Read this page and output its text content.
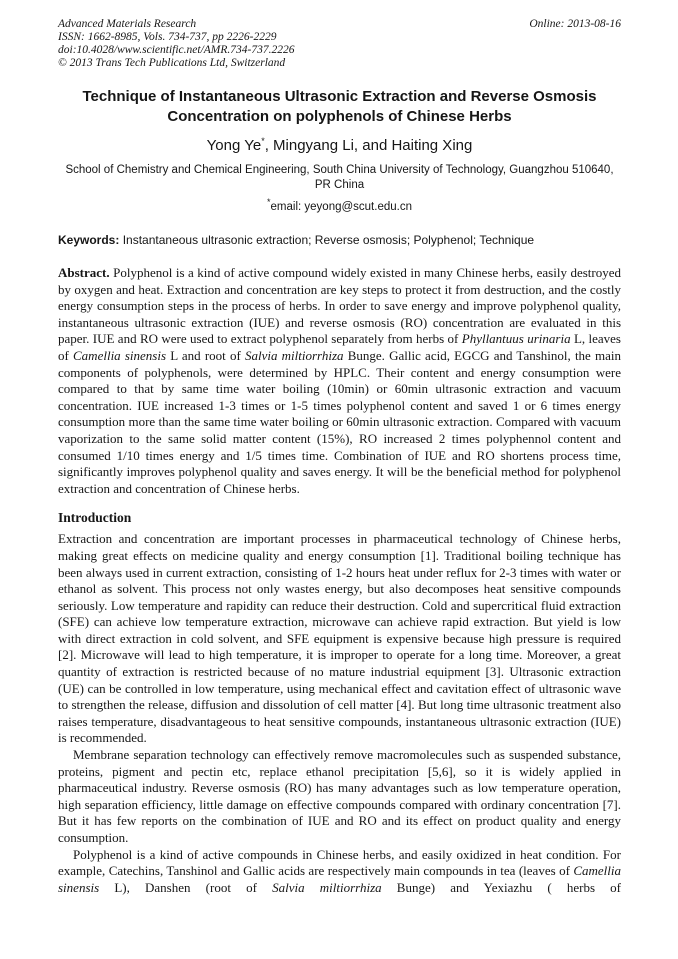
Advanced Materials Research
ISSN: 1662-8985, Vols. 734-737, pp 2226-2229
doi:10.4028/www.scientific.net/AMR.734-737.2226
© 2013 Trans Tech Publications Ltd, Switzerland
Online: 2013-08-16
Technique of Instantaneous Ultrasonic Extraction and Reverse Osmosis Concentration on polyphenols of Chinese Herbs
Yong Ye*, Mingyang Li, and Haiting Xing
School of Chemistry and Chemical Engineering, South China University of Technology, Guangzhou 510640, PR China
*email: yeyong@scut.edu.cn
Keywords: Instantaneous ultrasonic extraction; Reverse osmosis; Polyphenol; Technique

Abstract. Polyphenol is a kind of active compound widely existed in many Chinese herbs, easily destroyed by oxygen and heat. Extraction and concentration are key steps to protect it from destruction, and the costly energy consumption steps in the process of herbs. In order to save energy and improve polyphenol quality, instantaneous ultrasonic extraction (IUE) and reverse osmosis (RO) concentration are evaluated in this paper. IUE and RO were used to extract polyphenol separately from herbs of Phyllantuus urinaria L, leaves of Camellia sinensis L and root of Salvia miltiorrhiza Bunge. Gallic acid, EGCG and Tanshinol, the main components of polyphenols, were determined by HPLC. Their content and energy consumption were compared to that by same time water boiling (10min) or 60min ultrasonic extraction and vacuum concentration. IUE increased 1-3 times or 1-5 times polyphenol content and saved 1 or 6 times energy consumption more than the same time water boiling or 60min ultrasonic extraction. Compared with vacuum vaporization to the same solid matter content (15%), RO increased 2 times polyphennol content and consumed 1/10 times energy and 1/5 times time. Combination of IUE and RO shortens process time, significantly improves polyphenol quality and saves energy. It will be the beneficial method for polyphenol extraction and concentration of Chinese herbs.

Introduction

Extraction and concentration are important processes in pharmaceutical technology of Chinese herbs, making great effects on medicine quality and energy consumption [1]. Traditional boiling technique has been always used in current extraction, consisting of 1-2 hours heat under reflux for 2-3 times with water or ethanol as solvent. This process not only wastes energy, but also decomposes heat sensitive compounds seriously. Low temperature and rapidity can reduce their destruction. Cold and supercritical fluid extraction (SFE) can achieve low temperature extraction, microwave can achieve rapid extraction. But yield is low with direct extraction in cold solvent, and SFE equipment is expensive because high pressure is required [2]. Microwave will lead to high temperature, it is improper to operate for a long time. Moreover, a great quantity of extraction is restricted because of no mature industrial equipment [3]. Ultrasonic extraction (UE) can be controlled in low temperature, using mechanical effect and cavitation effect of ultrasonic wave to strengthen the release, diffusion and dissolution of cell matter [4]. But long time ultrasonic treatment also raises temperature, disadvantageous to heat sensitive compounds, instantaneous ultrasonic extraction (IUE) is recommended.

Membrane separation technology can effectively remove macromolecules such as suspended substance, proteins, pigment and pectin etc, replace ethanol precipitation [5,6], so it is widely applied in pharmaceutical industry. Reverse osmosis (RO) has many advantages such as low temperature operation, high separation efficiency, little damage on effective compounds compared with ordinary concentration [7]. But it has few reports on the combination of IUE and RO and its effect on product quality and energy consumption.

Polyphenol is a kind of active compounds in Chinese herbs, and easily oxidized in heat condition. For example, Catechins, Tanshinol and Gallic acids are respectively main compounds in tea (leaves of Camellia sinensis L), Danshen (root of Salvia miltiorrhiza Bunge) and Yexiazhu ( herbs of
